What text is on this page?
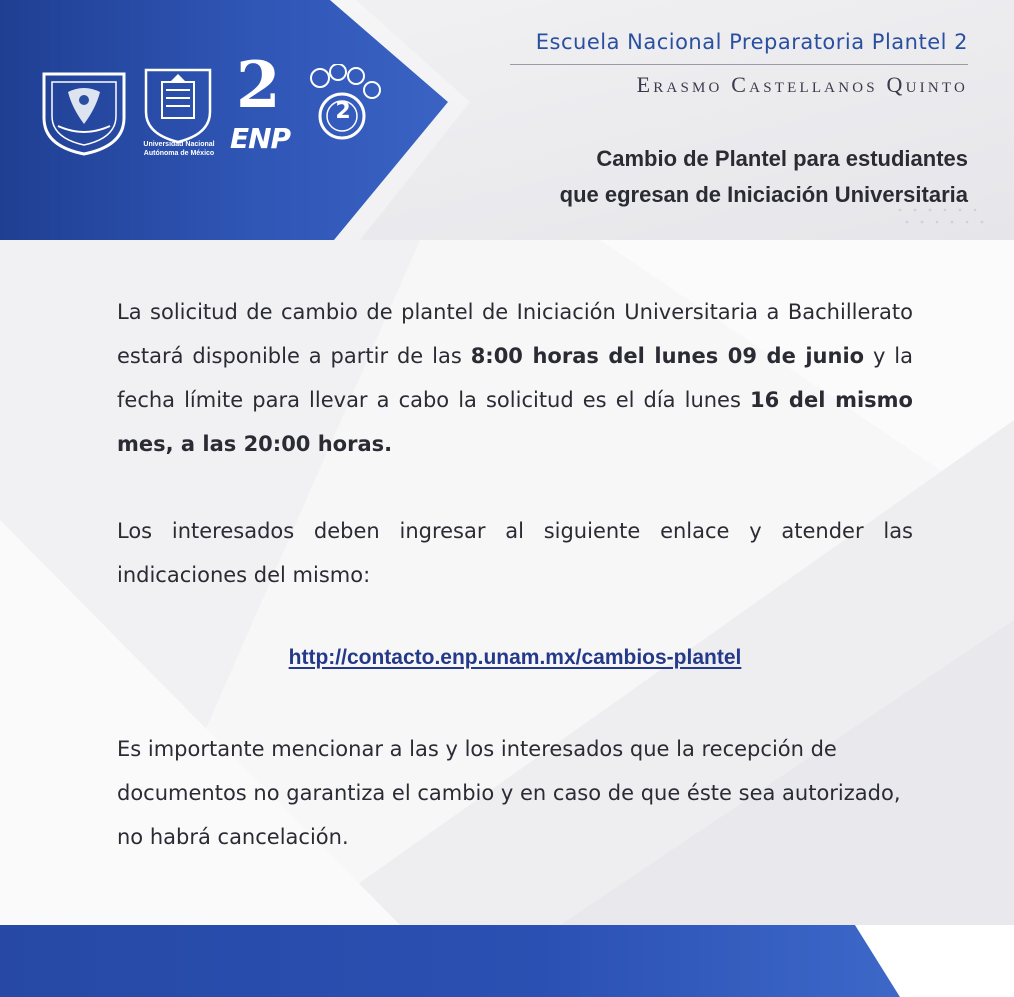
Universidad Nacional
Autónoma de México
2
ENP
2
Escuela Nacional Preparatoria Plantel 2
Erasmo Castellanos Quinto
Cambio de Plantel para estudiantes
que egresan de Iniciación Universitaria
La solicitud de cambio de plantel de Iniciación Universitaria a Bachillerato estará disponible a partir de las 8:00 horas del lunes 09 de junio y la fecha límite para llevar a cabo la solicitud es el día lunes 16 del mismo mes, a las 20:00 horas.
Los interesados deben ingresar al siguiente enlace y atender las indicaciones del mismo:
http://contacto.enp.unam.mx/cambios-plantel
Es importante mencionar a las y los interesados que la recepción de documentos no garantiza el cambio y en caso de que éste sea autorizado, no habrá cancelación.
